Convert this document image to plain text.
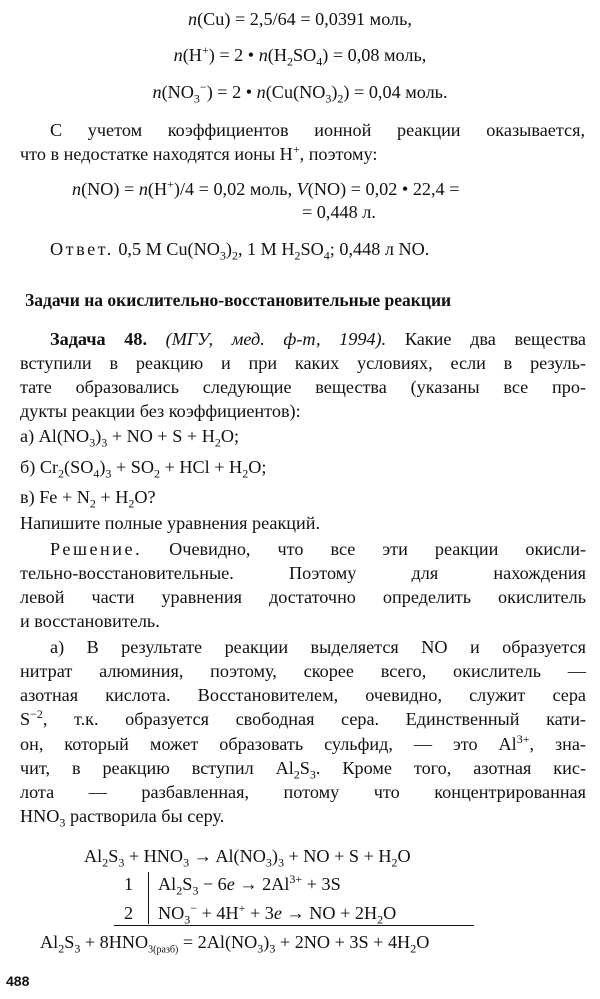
n(Cu) = 2,5/64 = 0,0391 моль,
n(H+) = 2 • $n(H_2SO_4) = 0,08$ моль,
$n(NO_3^-) = 2$ • $n(Cu(NO_3)_2) = 0,04$ моль.
С учетом коэффициентов ионной реакции оказывается,
что в недостатке находятся ионы H+, поэтому:
n(NO) = n(H+)/4 = 0,02 моль, V(NO) = 0,02 • 22,4 =
= 0,448 л.
Ответ. 0,5 M $Cu(NO_3)_2$, 1 M $H_2SO_4$; 0,448 л NO.
Задачи на окислительно-восстановительные реакции
Задача 48. (МГУ, мед. ф-т, 1994). Какие два вещества
вступили в реакцию и при каких условиях, если в резуль-
тате образовались следующие вещества (указаны все про-
дукты реакции без коэффициентов):
а) $Al(NO_3)_3$ + NO + $S + H_2O$;
б) $Cr_2(SO_4)_3 + SO_2$ + HCl + $H_2O$;
в) $Fe + N_2 + H_2O$?
Напишите полные уравнения реакций.
Решение. Очевидно, что все эти реакции окисли-
тельно-восстановительные. Поэтому для нахождения
левой части уравнения достаточно определить окислитель
и восстановитель.
а) В результате реакции выделяется NO и образуется
нитрат алюминия, поэтому, скорее всего, окислитель —
азотная кислота. Восстановителем, очевидно, служит сера
$S^{-2}$, т.к. образуется свободная сера. Единственный кати-
он, который может образовать сульфид, — это $Al^{3+}$, зна-
чит, в реакцию вступил $Al_2S_3$. Кроме того, азотная кис-
лота — разбавленная, потому что концентрированная
$HNO_3$ растворила бы серу.
$Al_2S_3 + HNO_3 \to Al(NO_3)_3$ + NO + $S + H_2O$
1 $Al_2S_3 - 6e \to 2Al^{3+} + 3S$
2 $NO_3^- + 4H^+ + 3e$ → NO + $2H_2O$
$Al_2S_3 + 8HNO_{3(разб)} = 2Al(NO_3)_3 + 2NO + 3S + 4H_2O$
488
